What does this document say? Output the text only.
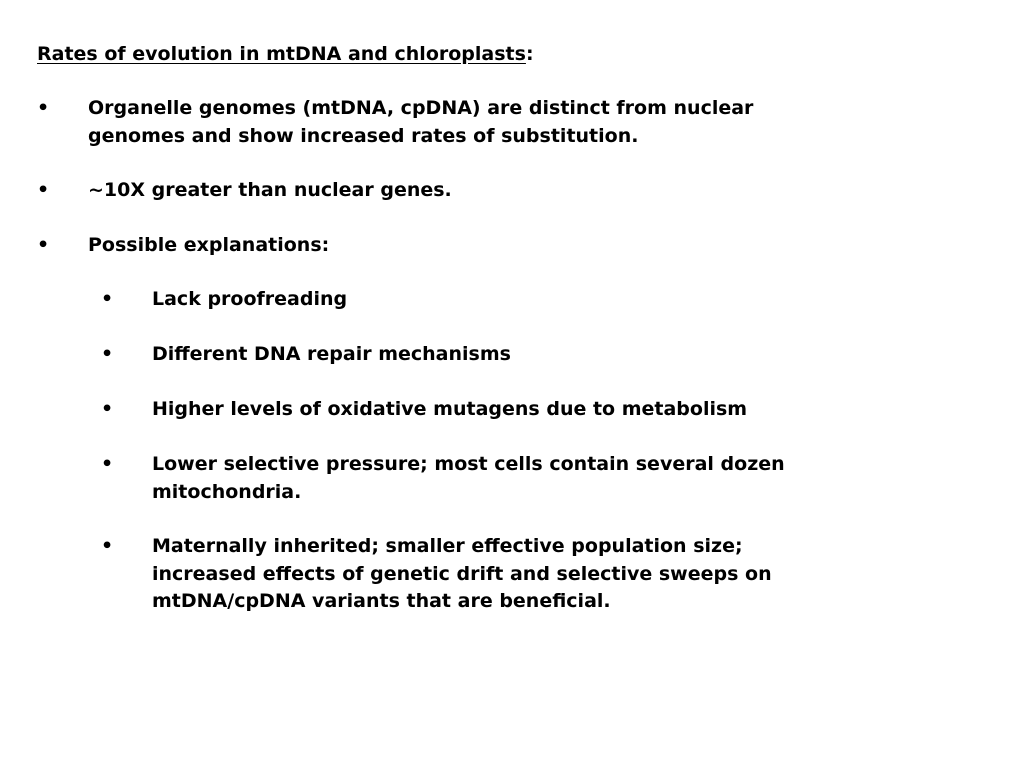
Rates of evolution in mtDNA and chloroplasts:
• Organelle genomes (mtDNA, cpDNA) are distinct from nuclear
genomes and show increased rates of substitution.
• ~10X greater than nuclear genes.
• Possible explanations:
• Lack proofreading
• Different DNA repair mechanisms
• Higher levels of oxidative mutagens due to metabolism
• Lower selective pressure; most cells contain several dozen
mitochondria.
• Maternally inherited; smaller effective population size;
increased effects of genetic drift and selective sweeps on
mtDNA/cpDNA variants that are beneficial.
